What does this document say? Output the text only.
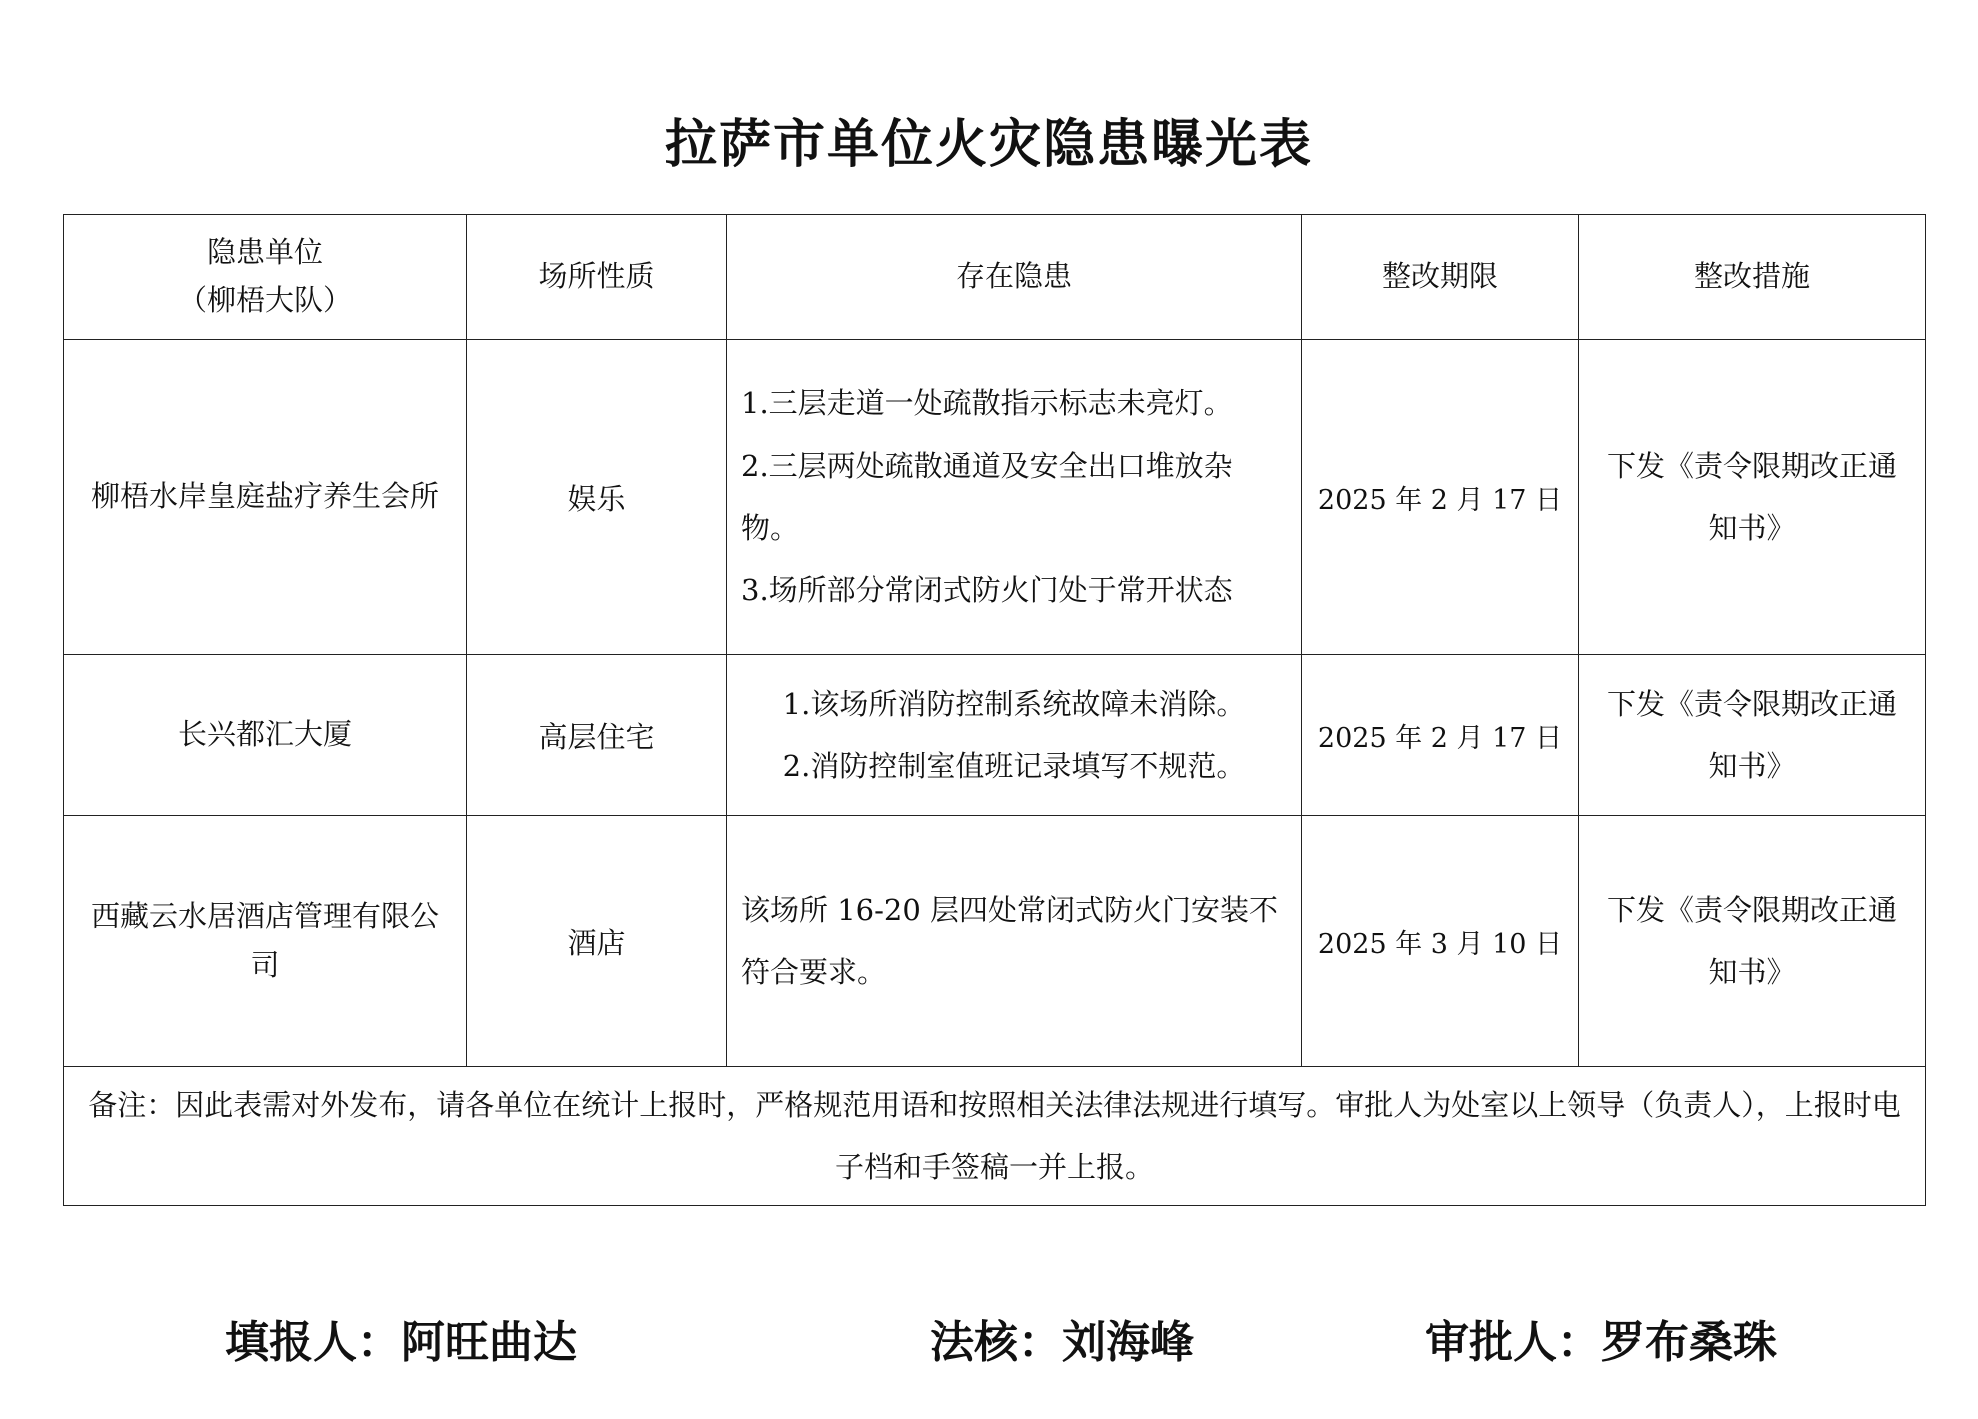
拉萨市单位火灾隐患曝光表
隐患单位
（柳梧大队）	场所性质	存在隐患	整改期限	整改措施
柳梧水岸皇庭盐疗养生会所	娱乐	1.三层走道一处疏散指示标志未亮灯。
2.三层两处疏散通道及安全出口堆放杂物。
3.场所部分常闭式防火门处于常开状态	2025 年 2 月 17 日	下发《责令限期改正通知书》
长兴都汇大厦	高层住宅	1.该场所消防控制系统故障未消除。
2.消防控制室值班记录填写不规范。	2025 年 2 月 17 日	下发《责令限期改正通知书》
西藏云水居酒店管理有限公司	酒店	该场所 16-20 层四处常闭式防火门安装不符合要求。	2025 年 3 月 10 日	下发《责令限期改正通知书》
备注：因此表需对外发布，请各单位在统计上报时，严格规范用语和按照相关法律法规进行填写。审批人为处室以上领导（负责人），上报时电子档和手签稿一并上报。				
填报人：阿旺曲达	法核：刘海峰	审批人：罗布桑珠
